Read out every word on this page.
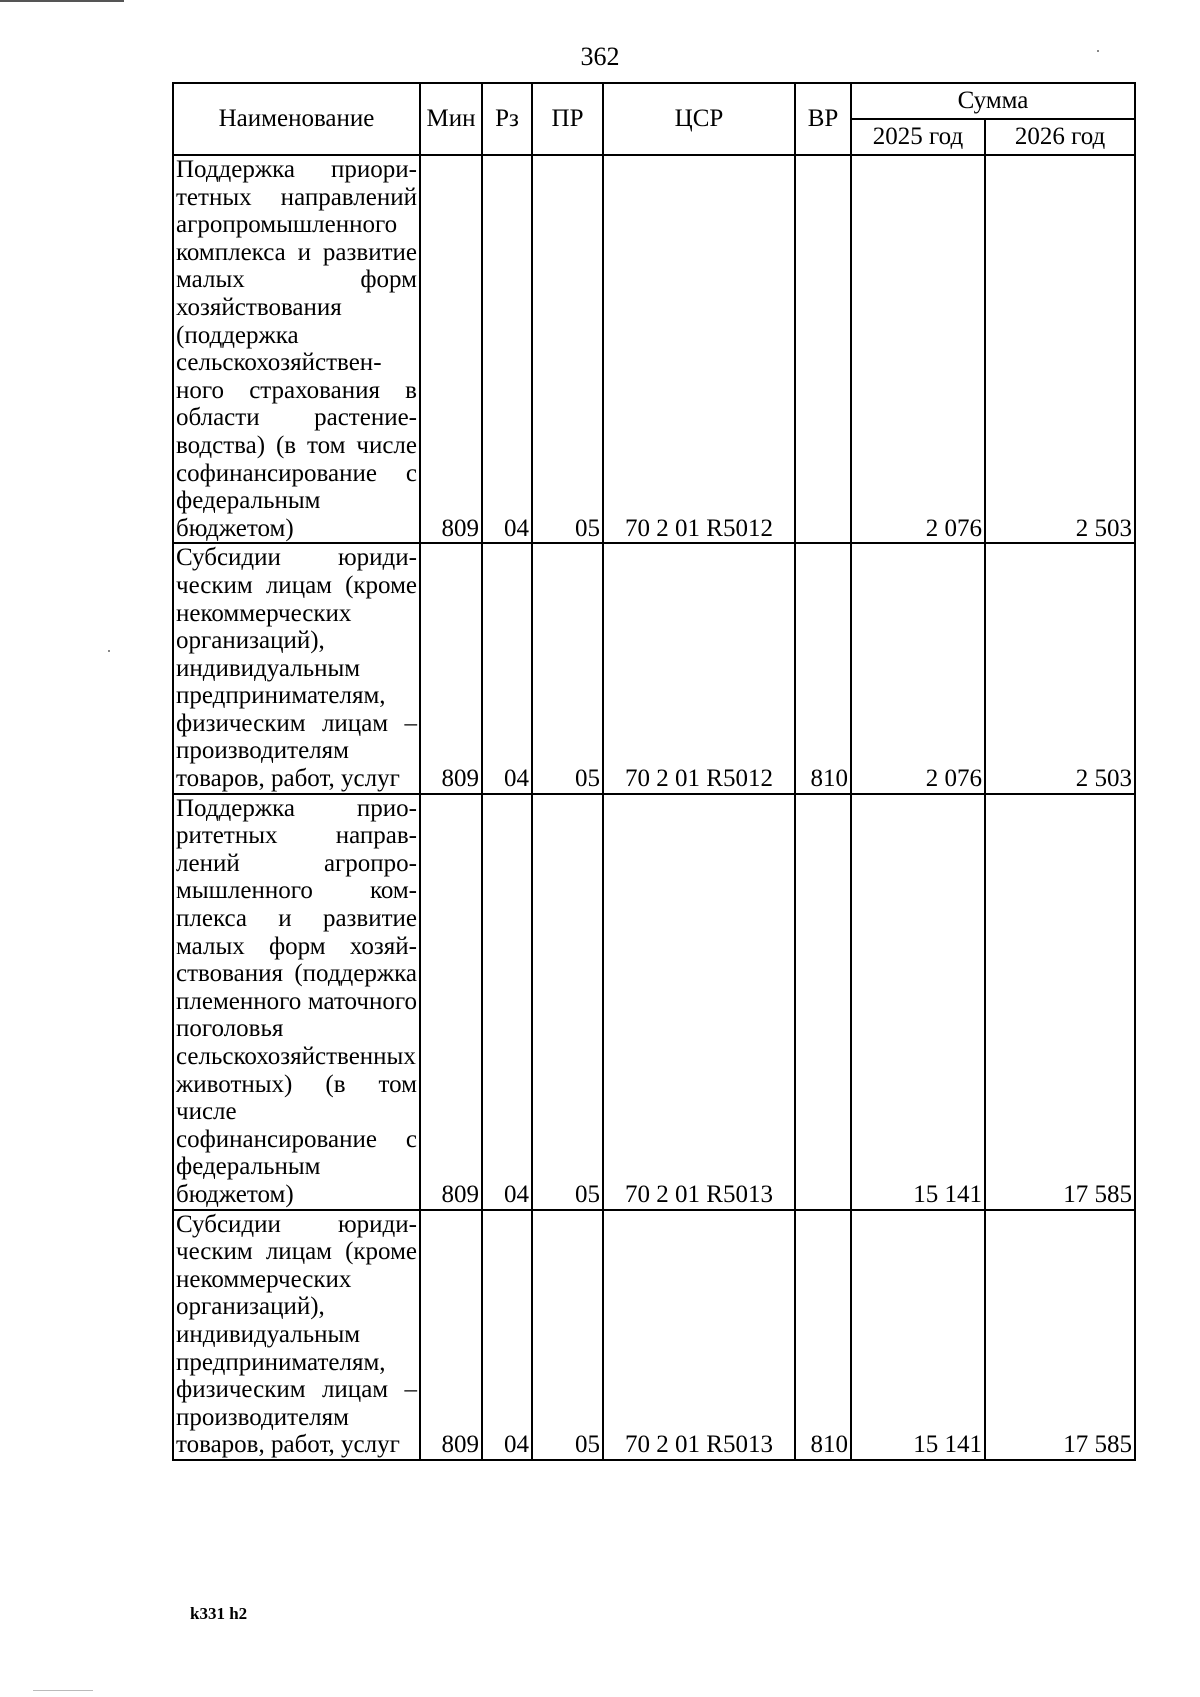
362
Наименование	Мин	Рз	ПР	ЦСР	ВР	Сумма	
						2025 год	2026 год
Поддержка приоритетных направлений агропромышленного комплекса и развитие малых форм хозяйствования (поддержка сельскохозяйственного страхования в области растениеводства) (в том числе софинансирование с федеральным бюджетом)	809	04	05	70 2 01 R5012		2 076	2 503
Субсидии юридическим лицам (кроме некоммерческих организаций), индивидуальным предпринимателям, физическим лицам – производителям товаров, работ, услуг	809	04	05	70 2 01 R5012	810	2 076	2 503
Поддержка приоритетных направлений агропромышленного комплекса и развитие малых форм хозяйствования (поддержка племенного маточного поголовья сельскохозяйственных животных) (в том числе софинансирование с федеральным бюджетом)	809	04	05	70 2 01 R5013		15 141	17 585
Субсидии юридическим лицам (кроме некоммерческих организаций), индивидуальным предпринимателям, физическим лицам – производителям товаров, работ, услуг	809	04	05	70 2 01 R5013	810	15 141	17 585
k331 h2
